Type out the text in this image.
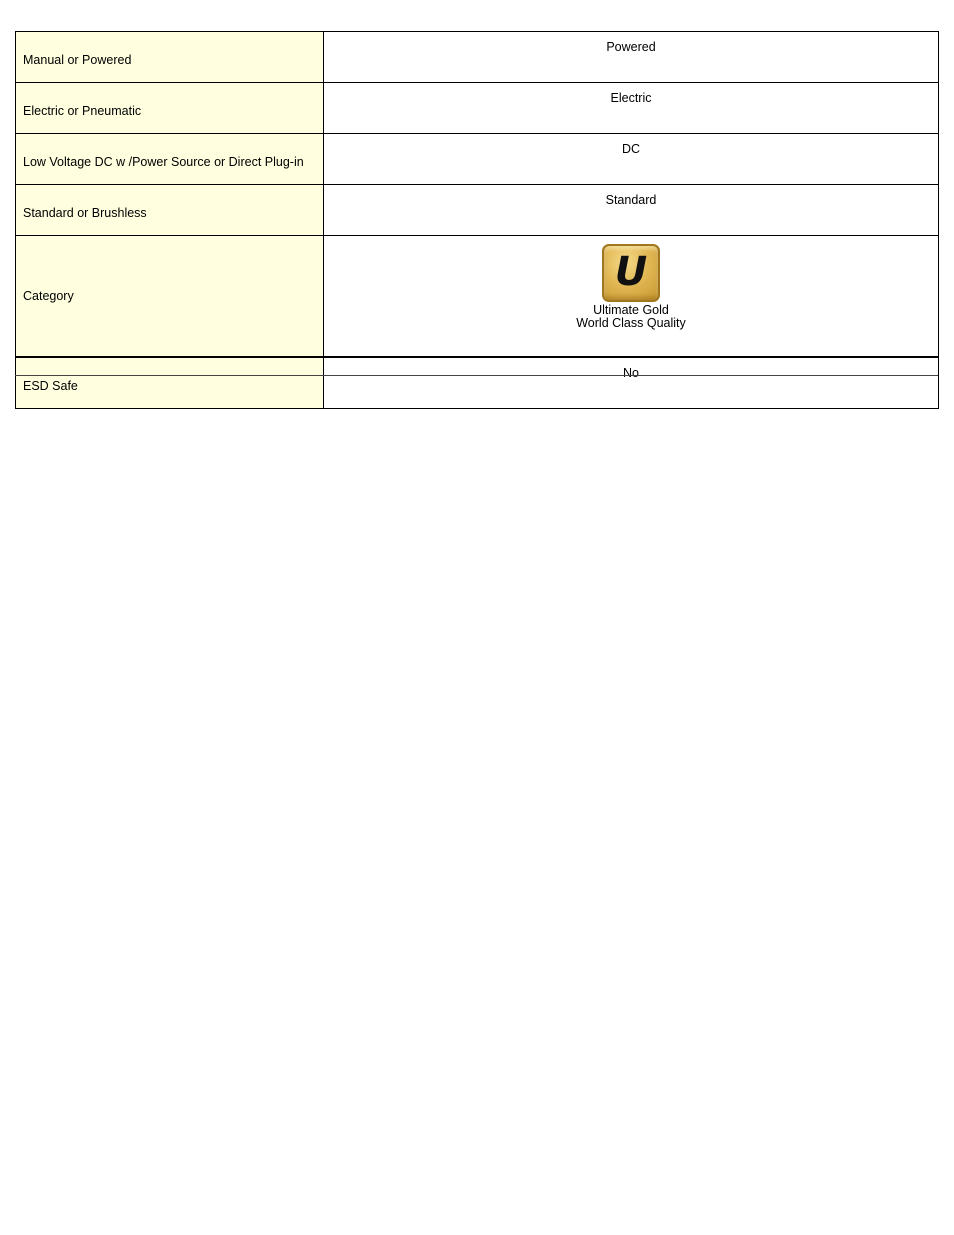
Manual or Powered	Powered
Electric or Pneumatic	Electric
Low Voltage DC w /Power Source or Direct Plug-in	DC
Standard or Brushless	Standard
Category	U
Ultimate Gold
World Class Quality

ESD Safe	No
